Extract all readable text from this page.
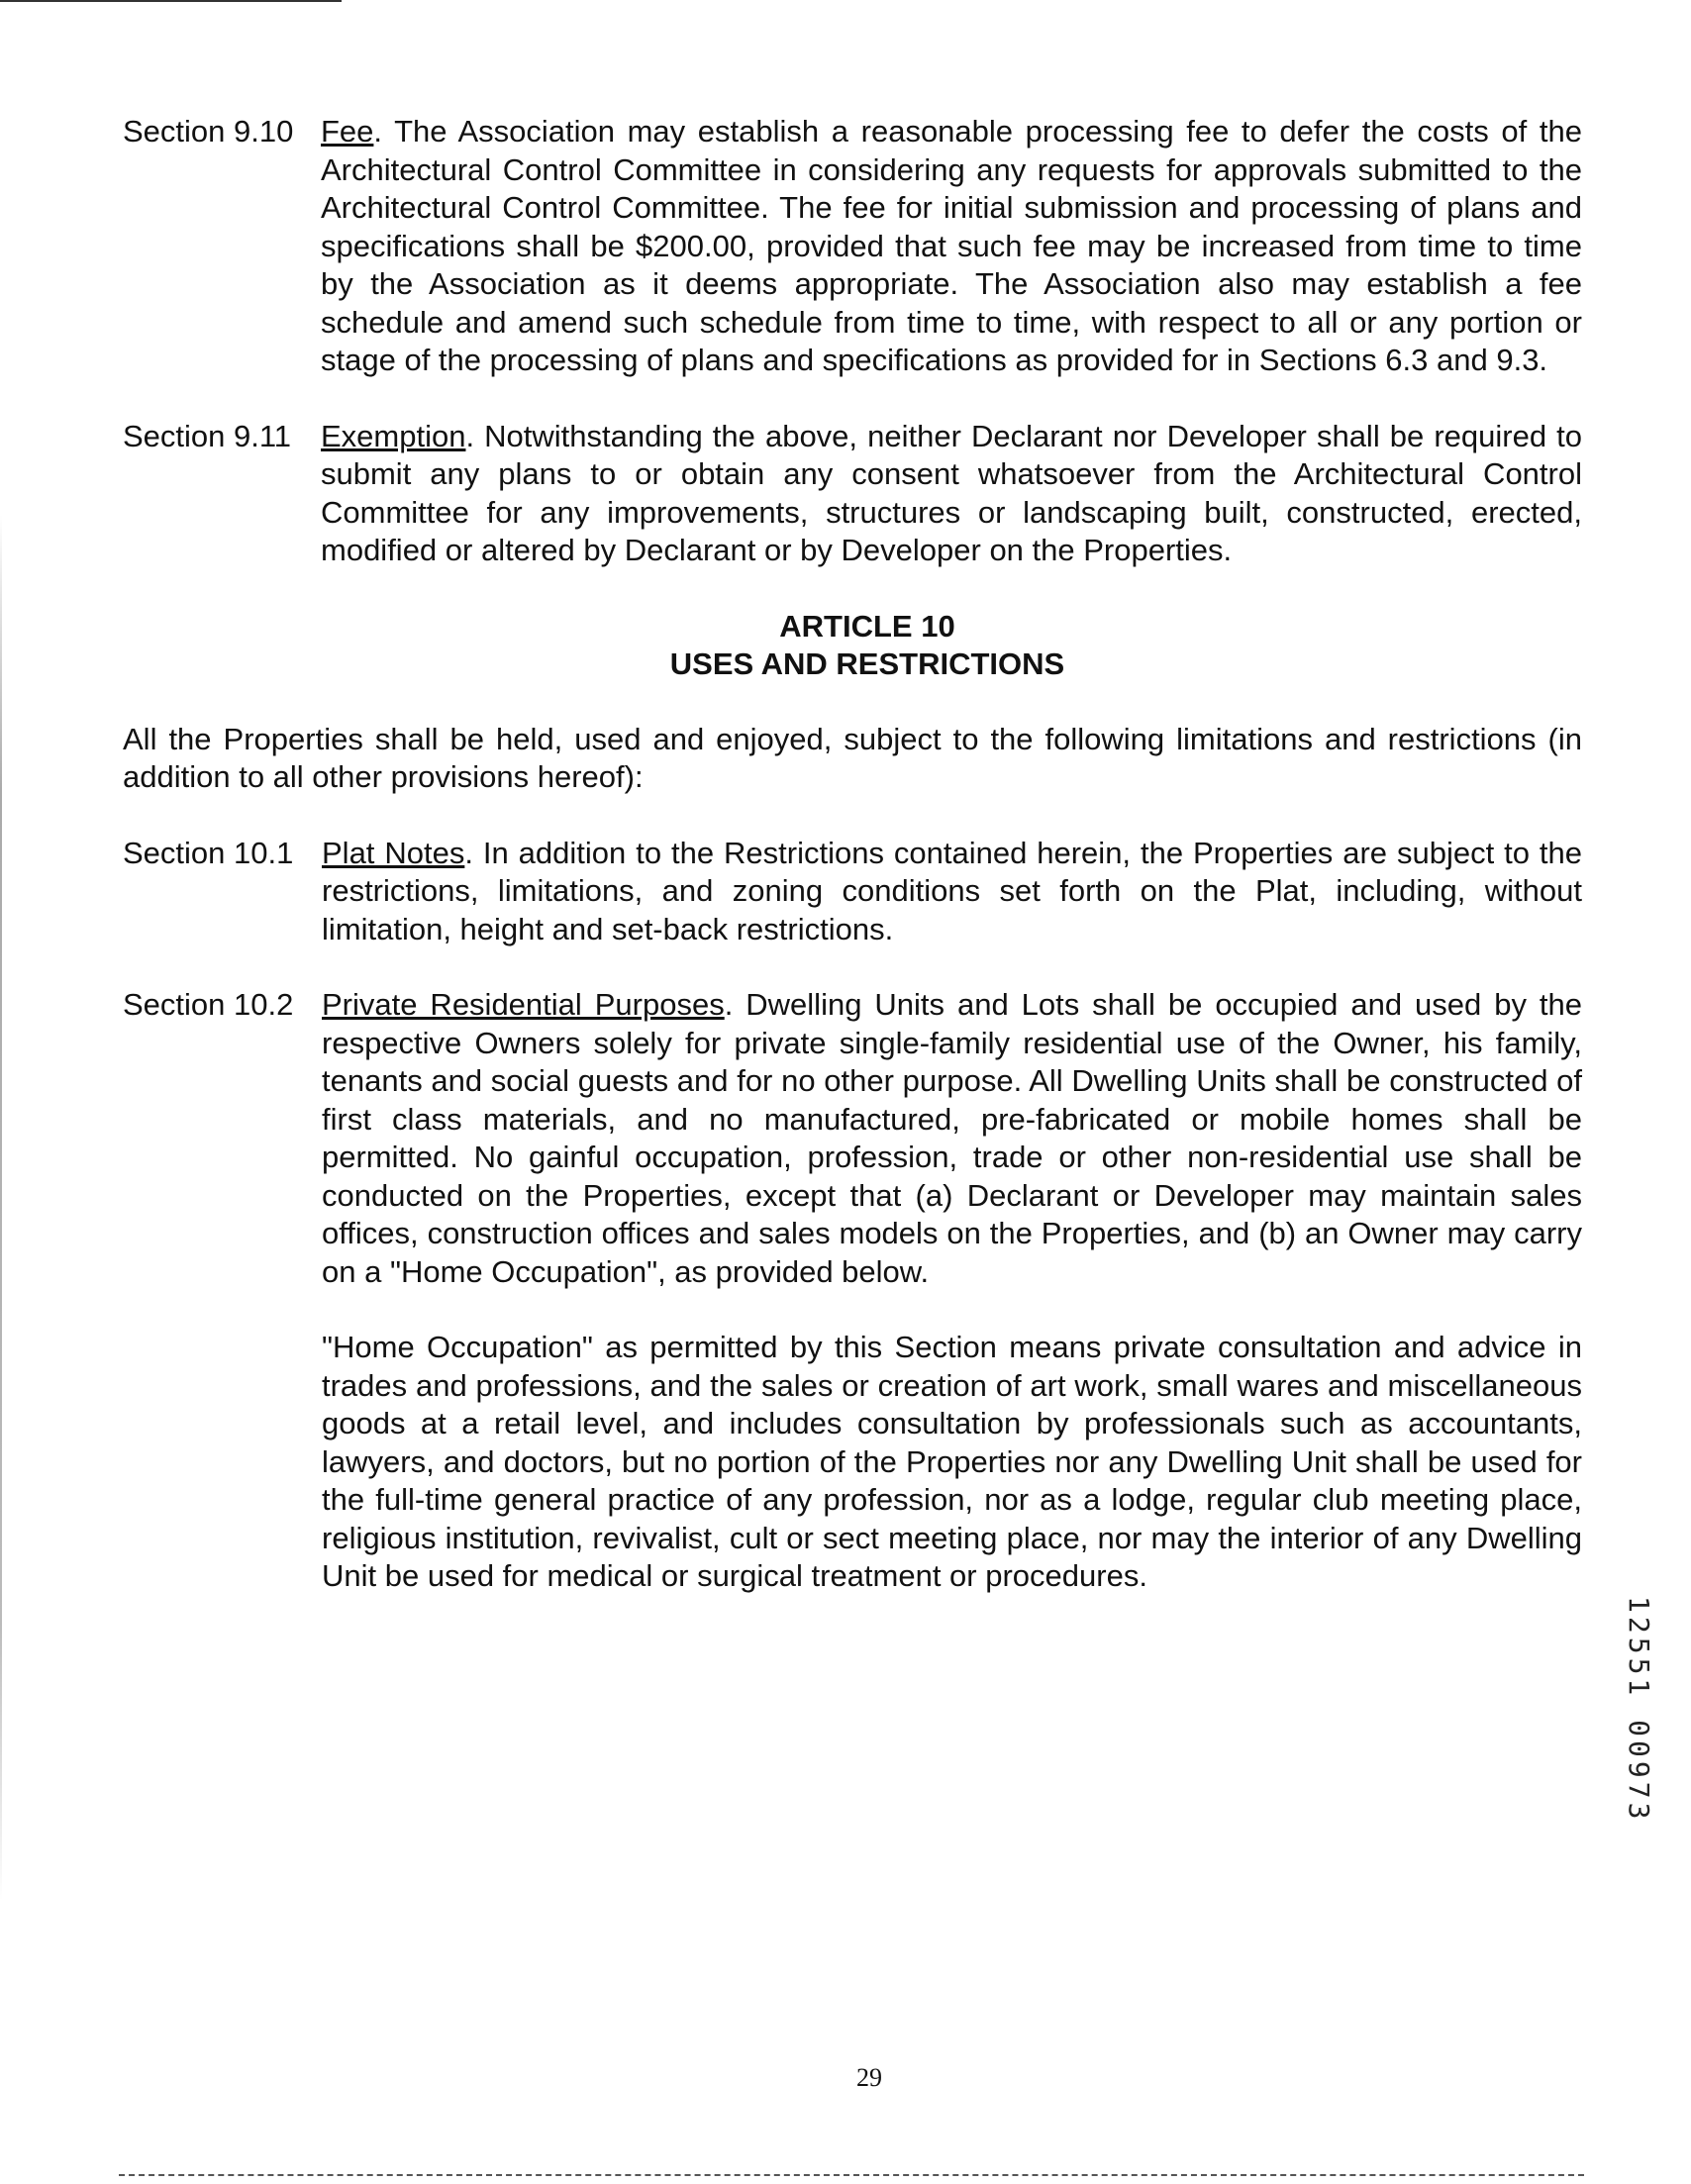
Section 9.10 Fee. The Association may establish a reasonable processing fee to defer the costs of the Architectural Control Committee in considering any requests for approvals submitted to the Architectural Control Committee. The fee for initial submission and processing of plans and specifications shall be $200.00, provided that such fee may be increased from time to time by the Association as it deems appropriate. The Association also may establish a fee schedule and amend such schedule from time to time, with respect to all or any portion or stage of the processing of plans and specifications as provided for in Sections 6.3 and 9.3.
Section 9.11 Exemption. Notwithstanding the above, neither Declarant nor Developer shall be required to submit any plans to or obtain any consent whatsoever from the Architectural Control Committee for any improvements, structures or landscaping built, constructed, erected, modified or altered by Declarant or by Developer on the Properties.
ARTICLE 10
USES AND RESTRICTIONS
All the Properties shall be held, used and enjoyed, subject to the following limitations and restrictions (in addition to all other provisions hereof):
Section 10.1 Plat Notes. In addition to the Restrictions contained herein, the Properties are subject to the restrictions, limitations, and zoning conditions set forth on the Plat, including, without limitation, height and set-back restrictions.
Section 10.2 Private Residential Purposes. Dwelling Units and Lots shall be occupied and used by the respective Owners solely for private single-family residential use of the Owner, his family, tenants and social guests and for no other purpose. All Dwelling Units shall be constructed of first class materials, and no manufactured, pre-fabricated or mobile homes shall be permitted. No gainful occupation, profession, trade or other non-residential use shall be conducted on the Properties, except that (a) Declarant or Developer may maintain sales offices, construction offices and sales models on the Properties, and (b) an Owner may carry on a "Home Occupation", as provided below.
"Home Occupation" as permitted by this Section means private consultation and advice in trades and professions, and the sales or creation of art work, small wares and miscellaneous goods at a retail level, and includes consultation by professionals such as accountants, lawyers, and doctors, but no portion of the Properties nor any Dwelling Unit shall be used for the full-time general practice of any profession, nor as a lodge, regular club meeting place, religious institution, revivalist, cult or sect meeting place, nor may the interior of any Dwelling Unit be used for medical or surgical treatment or procedures.
12551 00973
29
